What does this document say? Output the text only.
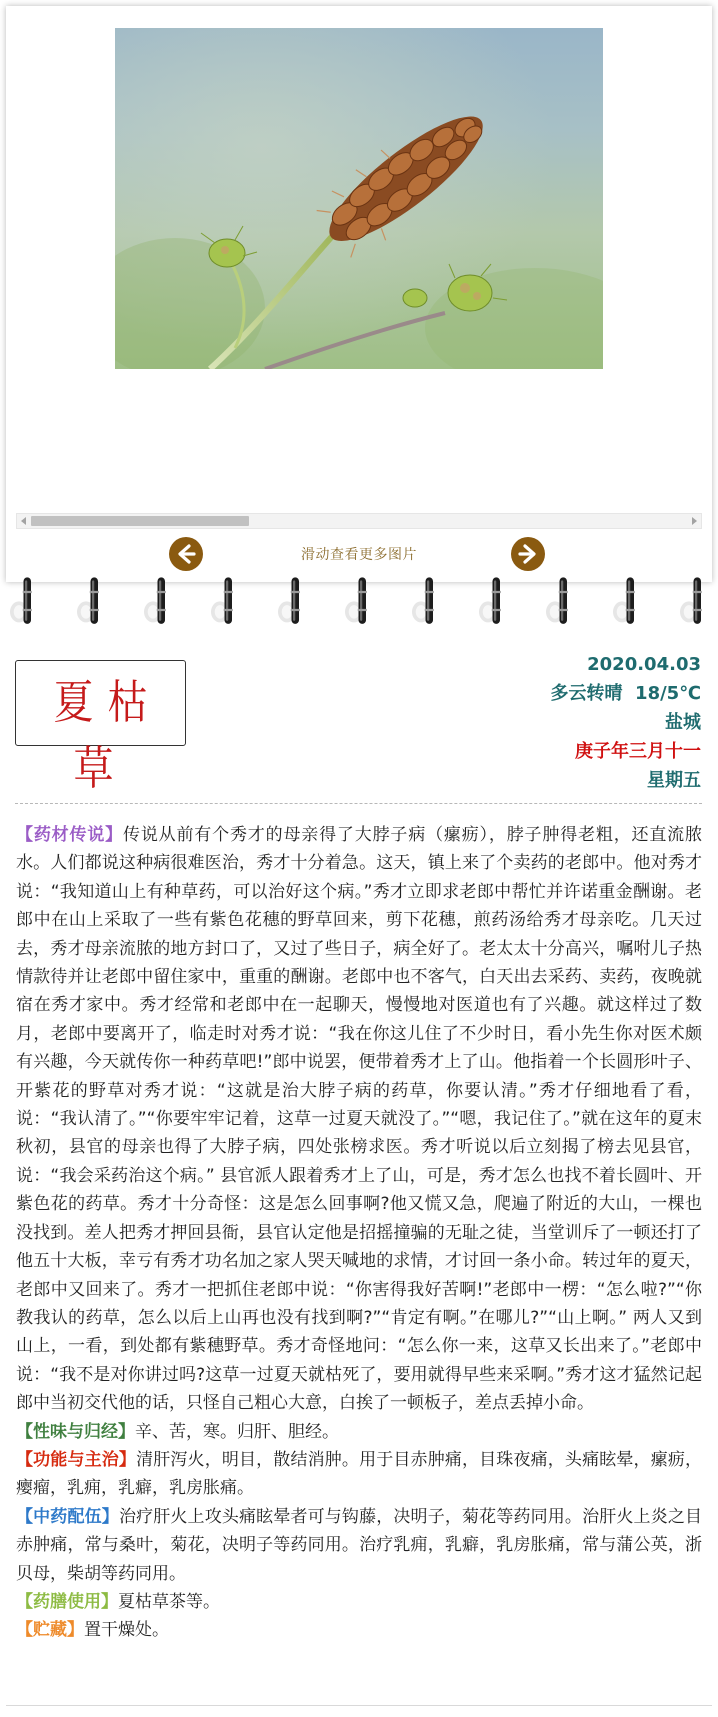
滑动查看更多图片
夏枯草
2020.04.03
多云转晴  18/5℃
盐城
庚子年三月十一
星期五

【药材传说】传说从前有个秀才的母亲得了大脖子病（瘰疬），脖子肿得老粗，还直流脓水。人们都说这种病很难医治，秀才十分着急。这天，镇上来了个卖药的老郎中。他对秀才说：“我知道山上有种草药，可以治好这个病。”秀才立即求老郎中帮忙并许诺重金酬谢。老郎中在山上采取了一些有紫色花穗的野草回来，剪下花穗，煎药汤给秀才母亲吃。几天过去，秀才母亲流脓的地方封口了，又过了些日子，病全好了。老太太十分高兴，嘱咐儿子热情款待并让老郎中留住家中，重重的酬谢。老郎中也不客气，白天出去采药、卖药，夜晚就宿在秀才家中。秀才经常和老郎中在一起聊天，慢慢地对医道也有了兴趣。就这样过了数月，老郎中要离开了，临走时对秀才说：“我在你这儿住了不少时日，看小先生你对医术颇有兴趣，今天就传你一种药草吧!”郎中说罢，便带着秀才上了山。他指着一个长圆形叶子、开紫花的野草对秀才说：“这就是治大脖子病的药草，你要认清。”秀才仔细地看了看，说：“我认清了。”“你要牢牢记着，这草一过夏天就没了。”“嗯，我记住了。”就在这年的夏末秋初，县官的母亲也得了大脖子病，四处张榜求医。秀才听说以后立刻揭了榜去见县官，说：“我会采药治这个病。” 县官派人跟着秀才上了山，可是，秀才怎么也找不着长圆叶、开紫色花的药草。秀才十分奇怪：这是怎么回事啊?他又慌又急，爬遍了附近的大山，一棵也没找到。差人把秀才押回县衙，县官认定他是招摇撞骗的无耻之徒，当堂训斥了一顿还打了他五十大板，幸亏有秀才功名加之家人哭天喊地的求情，才讨回一条小命。转过年的夏天，老郎中又回来了。秀才一把抓住老郎中说：“你害得我好苦啊!”老郎中一楞：“怎么啦?”“你教我认的药草，怎么以后上山再也没有找到啊?”“肯定有啊。”在哪儿?”“山上啊。” 两人又到山上，一看，到处都有紫穗野草。秀才奇怪地问：“怎么你一来，这草又长出来了。”老郎中说：“我不是对你讲过吗?这草一过夏天就枯死了，要用就得早些来采啊。”秀才这才猛然记起郎中当初交代他的话，只怪自己粗心大意，白挨了一顿板子，差点丢掉小命。

【性味与归经】辛、苦，寒。归肝、胆经。

【功能与主治】清肝泻火，明目，散结消肿。用于目赤肿痛，目珠夜痛，头痛眩晕，瘰疬，瘿瘤，乳痈，乳癖，乳房胀痛。

【中药配伍】治疗肝火上攻头痛眩晕者可与钩藤，决明子，菊花等药同用。治肝火上炎之目赤肿痛，常与桑叶，菊花，决明子等药同用。治疗乳痈，乳癖，乳房胀痛，常与蒲公英，浙贝母，柴胡等药同用。

【药膳使用】夏枯草茶等。

【贮藏】置干燥处。
